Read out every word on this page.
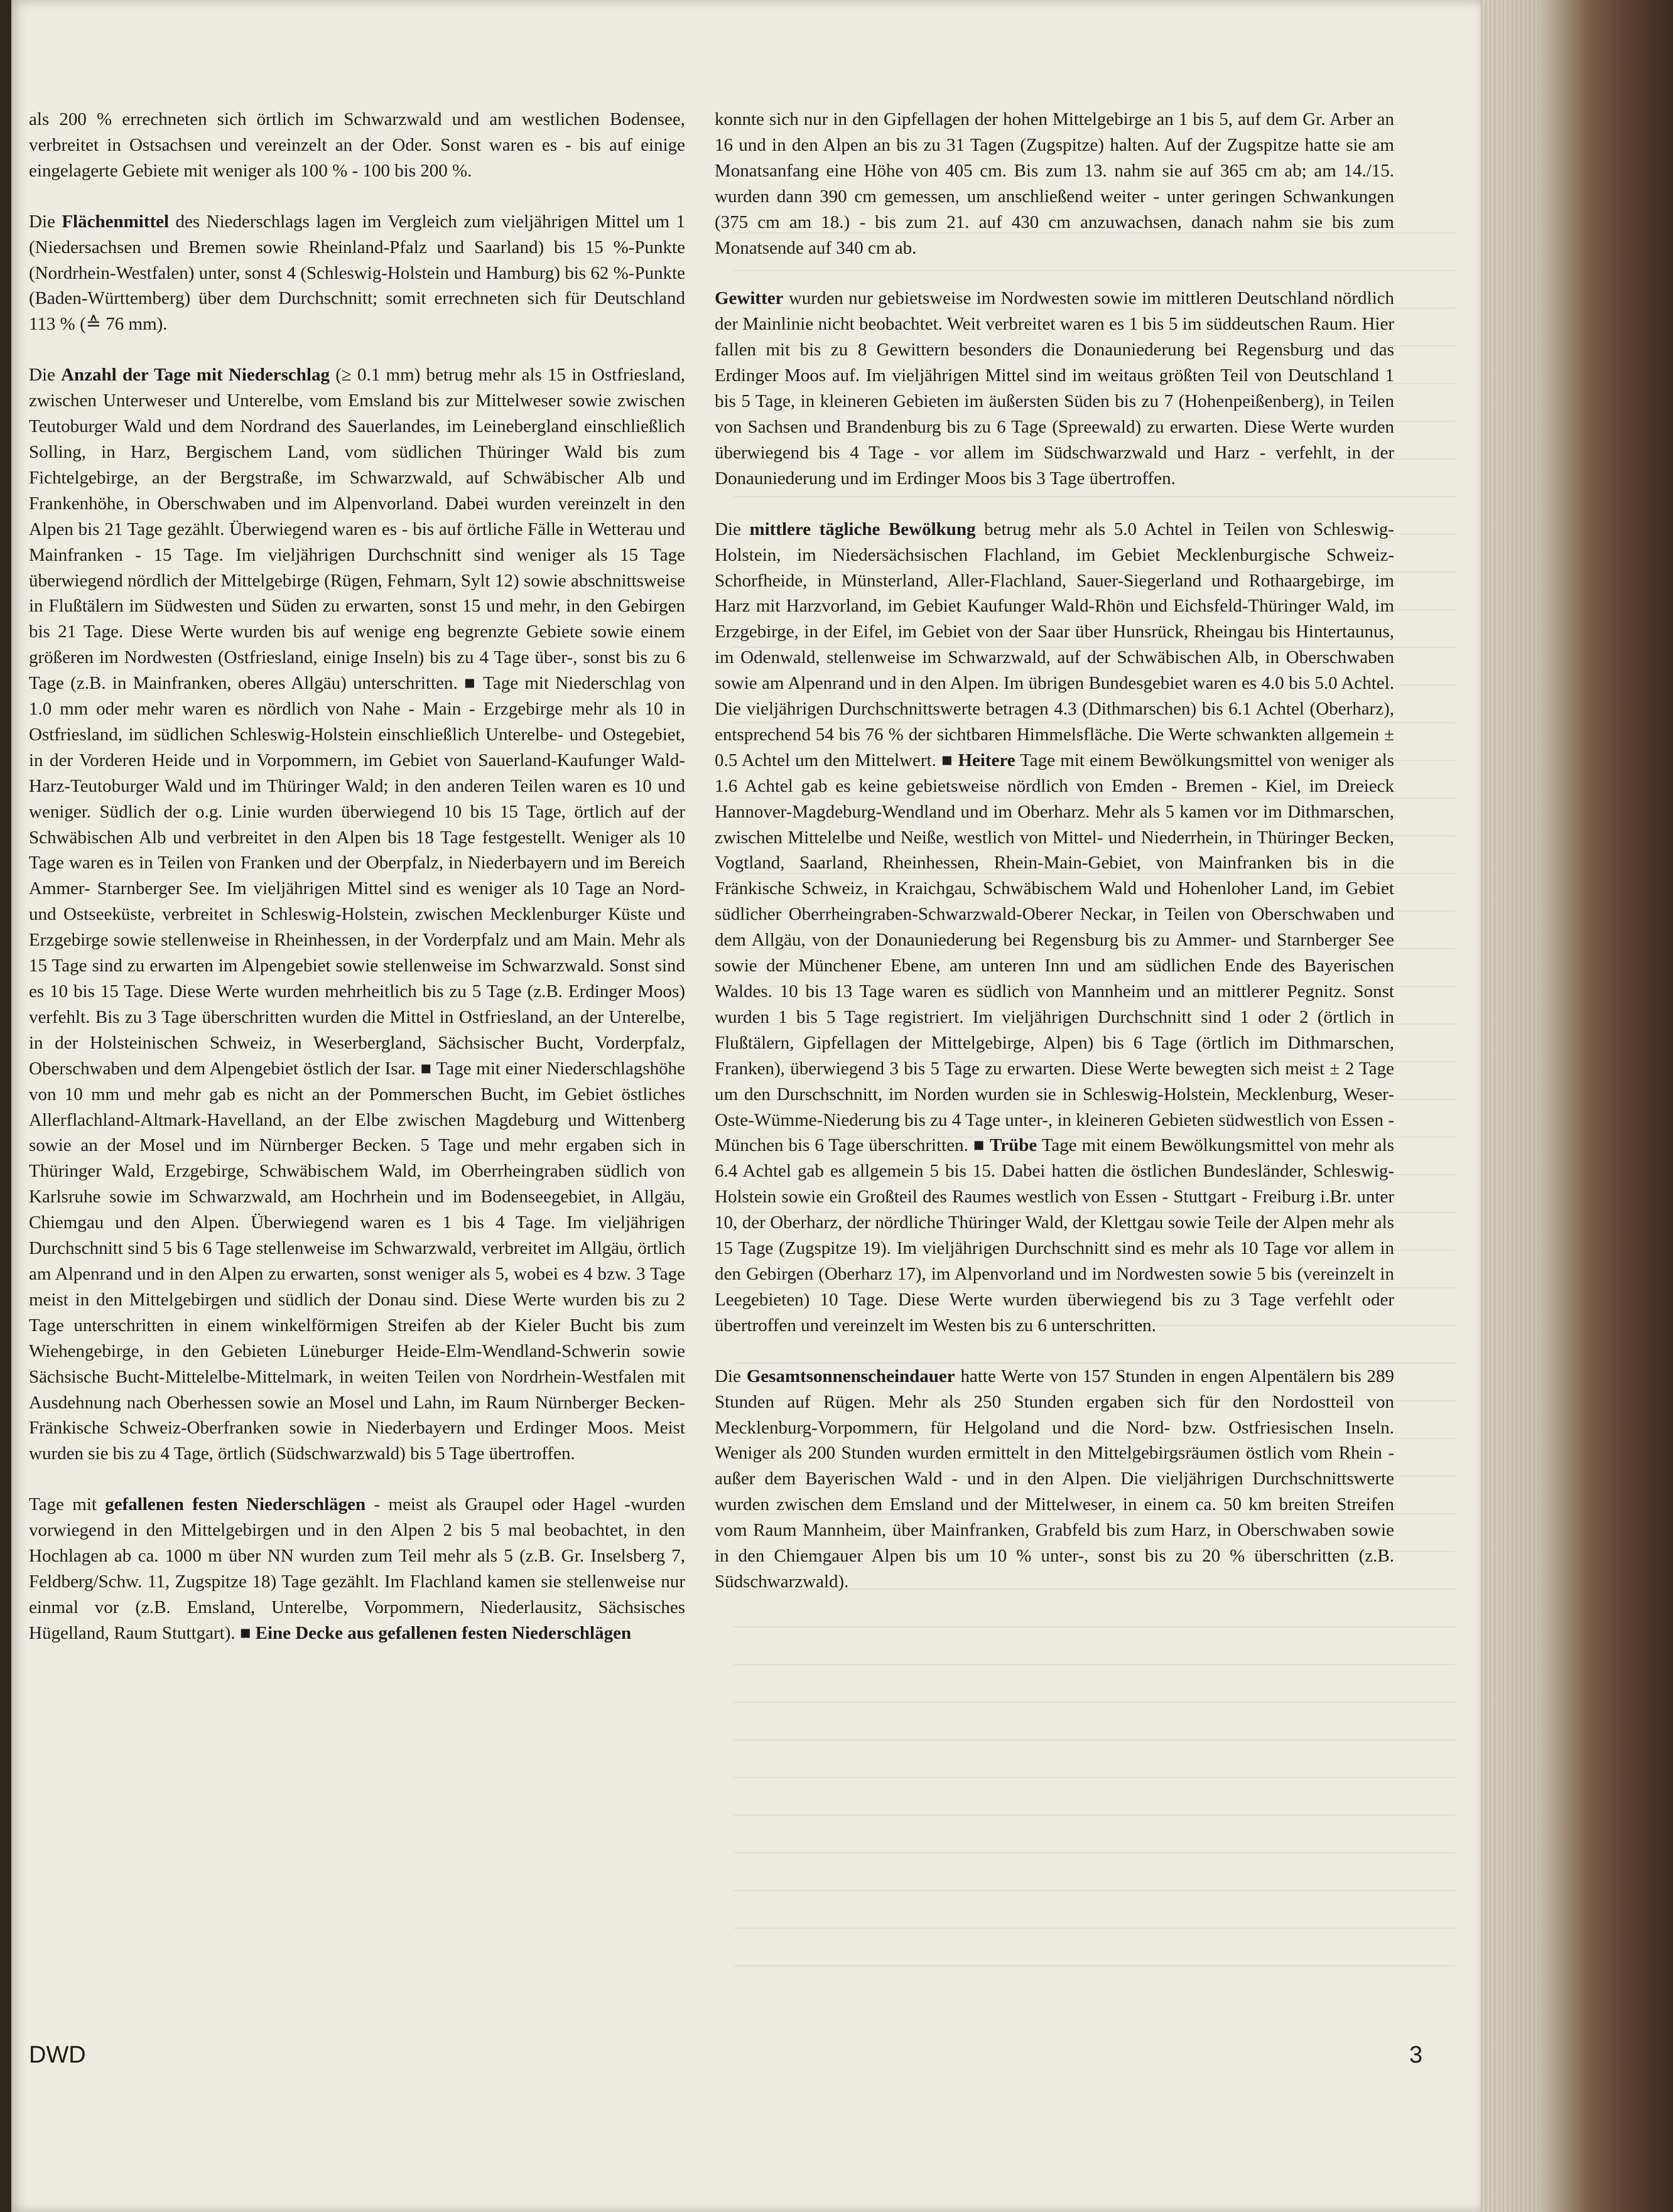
als 200 % errechneten sich örtlich im Schwarzwald und am westlichen Bodensee, verbreitet in Ostsachsen und vereinzelt an der Oder. Sonst waren es - bis auf einige eingelagerte Gebiete mit weniger als 100 % - 100 bis 200 %.

Die Flächenmittel des Niederschlags lagen im Vergleich zum vieljährigen Mittel um 1 (Niedersachsen und Bremen sowie Rheinland-Pfalz und Saarland) bis 15 %-Punkte (Nordrhein-Westfalen) unter, sonst 4 (Schleswig-Holstein und Hamburg) bis 62 %-Punkte (Baden-Württemberg) über dem Durchschnitt; somit errechneten sich für Deutschland 113 % (≙ 76 mm).

Die Anzahl der Tage mit Niederschlag (≥ 0.1 mm) betrug mehr als 15 in Ostfriesland, zwischen Unterweser und Unterelbe, vom Emsland bis zur Mittelweser sowie zwischen Teutoburger Wald und dem Nordrand des Sauerlandes, im Leinebergland einschließlich Solling, in Harz, Bergischem Land, vom südlichen Thüringer Wald bis zum Fichtelgebirge, an der Bergstraße, im Schwarzwald, auf Schwäbischer Alb und Frankenhöhe, in Oberschwaben und im Alpenvorland. Dabei wurden vereinzelt in den Alpen bis 21 Tage gezählt. Überwiegend waren es - bis auf örtliche Fälle in Wetterau und Mainfranken - 15 Tage. Im vieljährigen Durchschnitt sind weniger als 15 Tage überwiegend nördlich der Mittelgebirge (Rügen, Fehmarn, Sylt 12) sowie abschnittsweise in Flußtälern im Südwesten und Süden zu erwarten, sonst 15 und mehr, in den Gebirgen bis 21 Tage. Diese Werte wurden bis auf wenige eng begrenzte Gebiete sowie einem größeren im Nordwesten (Ostfriesland, einige Inseln) bis zu 4 Tage über-, sonst bis zu 6 Tage (z.B. in Mainfranken, oberes Allgäu) unterschritten. ■ Tage mit Niederschlag von 1.0 mm oder mehr waren es nördlich von Nahe - Main - Erzgebirge mehr als 10 in Ostfriesland, im südlichen Schleswig-Holstein einschließlich Unterelbe- und Ostegebiet, in der Vorderen Heide und in Vorpommern, im Gebiet von Sauerland-Kaufunger Wald-Harz-Teutoburger Wald und im Thüringer Wald; in den anderen Teilen waren es 10 und weniger. Südlich der o.g. Linie wurden überwiegend 10 bis 15 Tage, örtlich auf der Schwäbischen Alb und verbreitet in den Alpen bis 18 Tage festgestellt. Weniger als 10 Tage waren es in Teilen von Franken und der Oberpfalz, in Niederbayern und im Bereich Ammer- Starnberger See. Im vieljährigen Mittel sind es weniger als 10 Tage an Nord- und Ostseeküste, verbreitet in Schleswig-Holstein, zwischen Mecklenburger Küste und Erzgebirge sowie stellenweise in Rheinhessen, in der Vorderpfalz und am Main. Mehr als 15 Tage sind zu erwarten im Alpengebiet sowie stellenweise im Schwarzwald. Sonst sind es 10 bis 15 Tage. Diese Werte wurden mehrheitlich bis zu 5 Tage (z.B. Erdinger Moos) verfehlt. Bis zu 3 Tage überschritten wurden die Mittel in Ostfriesland, an der Unterelbe, in der Holsteinischen Schweiz, in Weserbergland, Sächsischer Bucht, Vorderpfalz, Oberschwaben und dem Alpengebiet östlich der Isar. ■ Tage mit einer Niederschlagshöhe von 10 mm und mehr gab es nicht an der Pommerschen Bucht, im Gebiet östliches Allerflachland-Altmark-Havelland, an der Elbe zwischen Magdeburg und Wittenberg sowie an der Mosel und im Nürnberger Becken. 5 Tage und mehr ergaben sich in Thüringer Wald, Erzgebirge, Schwäbischem Wald, im Oberrheingraben südlich von Karlsruhe sowie im Schwarzwald, am Hochrhein und im Bodenseegebiet, in Allgäu, Chiemgau und den Alpen. Überwiegend waren es 1 bis 4 Tage. Im vieljährigen Durchschnitt sind 5 bis 6 Tage stellenweise im Schwarzwald, verbreitet im Allgäu, örtlich am Alpenrand und in den Alpen zu erwarten, sonst weniger als 5, wobei es 4 bzw. 3 Tage meist in den Mittelgebirgen und südlich der Donau sind. Diese Werte wurden bis zu 2 Tage unterschritten in einem winkelförmigen Streifen ab der Kieler Bucht bis zum Wiehengebirge, in den Gebieten Lüneburger Heide-Elm-Wendland-Schwerin sowie Sächsische Bucht-Mittelelbe-Mittelmark, in weiten Teilen von Nordrhein-Westfalen mit Ausdehnung nach Oberhessen sowie an Mosel und Lahn, im Raum Nürnberger Becken-Fränkische Schweiz-Oberfranken sowie in Niederbayern und Erdinger Moos. Meist wurden sie bis zu 4 Tage, örtlich (Südschwarzwald) bis 5 Tage übertroffen.

Tage mit gefallenen festen Niederschlägen - meist als Graupel oder Hagel -wurden vorwiegend in den Mittelgebirgen und in den Alpen 2 bis 5 mal beobachtet, in den Hochlagen ab ca. 1000 m über NN wurden zum Teil mehr als 5 (z.B. Gr. Inselsberg 7, Feldberg/Schw. 11, Zugspitze 18) Tage gezählt. Im Flachland kamen sie stellenweise nur einmal vor (z.B. Emsland, Unterelbe, Vorpommern, Niederlausitz, Sächsisches Hügelland, Raum Stuttgart). ■ Eine Decke aus gefallenen festen Niederschlägen

konnte sich nur in den Gipfellagen der hohen Mittelgebirge an 1 bis 5, auf dem Gr. Arber an 16 und in den Alpen an bis zu 31 Tagen (Zugspitze) halten. Auf der Zugspitze hatte sie am Monatsanfang eine Höhe von 405 cm. Bis zum 13. nahm sie auf 365 cm ab; am 14./15. wurden dann 390 cm gemessen, um anschließend weiter - unter geringen Schwankungen (375 cm am 18.) - bis zum 21. auf 430 cm anzuwachsen, danach nahm sie bis zum Monatsende auf 340 cm ab.

Gewitter wurden nur gebietsweise im Nordwesten sowie im mittleren Deutschland nördlich der Mainlinie nicht beobachtet. Weit verbreitet waren es 1 bis 5 im süddeutschen Raum. Hier fallen mit bis zu 8 Gewittern besonders die Donauniederung bei Regensburg und das Erdinger Moos auf. Im vieljährigen Mittel sind im weitaus größten Teil von Deutschland 1 bis 5 Tage, in kleineren Gebieten im äußersten Süden bis zu 7 (Hohenpeißenberg), in Teilen von Sachsen und Brandenburg bis zu 6 Tage (Spreewald) zu erwarten. Diese Werte wurden überwiegend bis 4 Tage - vor allem im Südschwarzwald und Harz - verfehlt, in der Donauniederung und im Erdinger Moos bis 3 Tage übertroffen.

Die mittlere tägliche Bewölkung betrug mehr als 5.0 Achtel in Teilen von Schleswig-Holstein, im Niedersächsischen Flachland, im Gebiet Mecklenburgische Schweiz-Schorfheide, in Münsterland, Aller-Flachland, Sauer-Siegerland und Rothaargebirge, im Harz mit Harzvorland, im Gebiet Kaufunger Wald-Rhön und Eichsfeld-Thüringer Wald, im Erzgebirge, in der Eifel, im Gebiet von der Saar über Hunsrück, Rheingau bis Hintertaunus, im Odenwald, stellenweise im Schwarzwald, auf der Schwäbischen Alb, in Oberschwaben sowie am Alpenrand und in den Alpen. Im übrigen Bundesgebiet waren es 4.0 bis 5.0 Achtel. Die vieljährigen Durchschnittswerte betragen 4.3 (Dithmarschen) bis 6.1 Achtel (Oberharz), entsprechend 54 bis 76 % der sichtbaren Himmelsfläche. Die Werte schwankten allgemein ± 0.5 Achtel um den Mittelwert. ■ Heitere Tage mit einem Bewölkungsmittel von weniger als 1.6 Achtel gab es keine gebietsweise nördlich von Emden - Bremen - Kiel, im Dreieck Hannover-Magdeburg-Wendland und im Oberharz. Mehr als 5 kamen vor im Dithmarschen, zwischen Mittelelbe und Neiße, westlich von Mittel- und Niederrhein, in Thüringer Becken, Vogtland, Saarland, Rheinhessen, Rhein-Main-Gebiet, von Mainfranken bis in die Fränkische Schweiz, in Kraichgau, Schwäbischem Wald und Hohenloher Land, im Gebiet südlicher Oberrheingraben-Schwarzwald-Oberer Neckar, in Teilen von Oberschwaben und dem Allgäu, von der Donauniederung bei Regensburg bis zu Ammer- und Starnberger See sowie der Münchener Ebene, am unteren Inn und am südlichen Ende des Bayerischen Waldes. 10 bis 13 Tage waren es südlich von Mannheim und an mittlerer Pegnitz. Sonst wurden 1 bis 5 Tage registriert. Im vieljährigen Durchschnitt sind 1 oder 2 (örtlich in Flußtälern, Gipfellagen der Mittelgebirge, Alpen) bis 6 Tage (örtlich im Dithmarschen, Franken), überwiegend 3 bis 5 Tage zu erwarten. Diese Werte bewegten sich meist ± 2 Tage um den Durschschnitt, im Norden wurden sie in Schleswig-Holstein, Mecklenburg, Weser-Oste-Wümme-Niederung bis zu 4 Tage unter-, in kleineren Gebieten südwestlich von Essen - München bis 6 Tage überschritten. ■ Trübe Tage mit einem Bewölkungsmittel von mehr als 6.4 Achtel gab es allgemein 5 bis 15. Dabei hatten die östlichen Bundesländer, Schleswig-Holstein sowie ein Großteil des Raumes westlich von Essen - Stuttgart - Freiburg i.Br. unter 10, der Oberharz, der nördliche Thüringer Wald, der Klettgau sowie Teile der Alpen mehr als 15 Tage (Zugspitze 19). Im vieljährigen Durchschnitt sind es mehr als 10 Tage vor allem in den Gebirgen (Oberharz 17), im Alpenvorland und im Nordwesten sowie 5 bis (vereinzelt in Leegebieten) 10 Tage. Diese Werte wurden überwiegend bis zu 3 Tage verfehlt oder übertroffen und vereinzelt im Westen bis zu 6 unterschritten.

Die Gesamtsonnenscheindauer hatte Werte von 157 Stunden in engen Alpentälern bis 289 Stunden auf Rügen. Mehr als 250 Stunden ergaben sich für den Nordostteil von Mecklenburg-Vorpommern, für Helgoland und die Nord- bzw. Ostfriesischen Inseln. Weniger als 200 Stunden wurden ermittelt in den Mittelgebirgsräumen östlich vom Rhein - außer dem Bayerischen Wald - und in den Alpen. Die vieljährigen Durchschnittswerte wurden zwischen dem Emsland und der Mittelweser, in einem ca. 50 km breiten Streifen vom Raum Mannheim, über Mainfranken, Grabfeld bis zum Harz, in Oberschwaben sowie in den Chiemgauer Alpen bis um 10 % unter-, sonst bis zu 20 % überschritten (z.B. Südschwarzwald).

DWD	3
